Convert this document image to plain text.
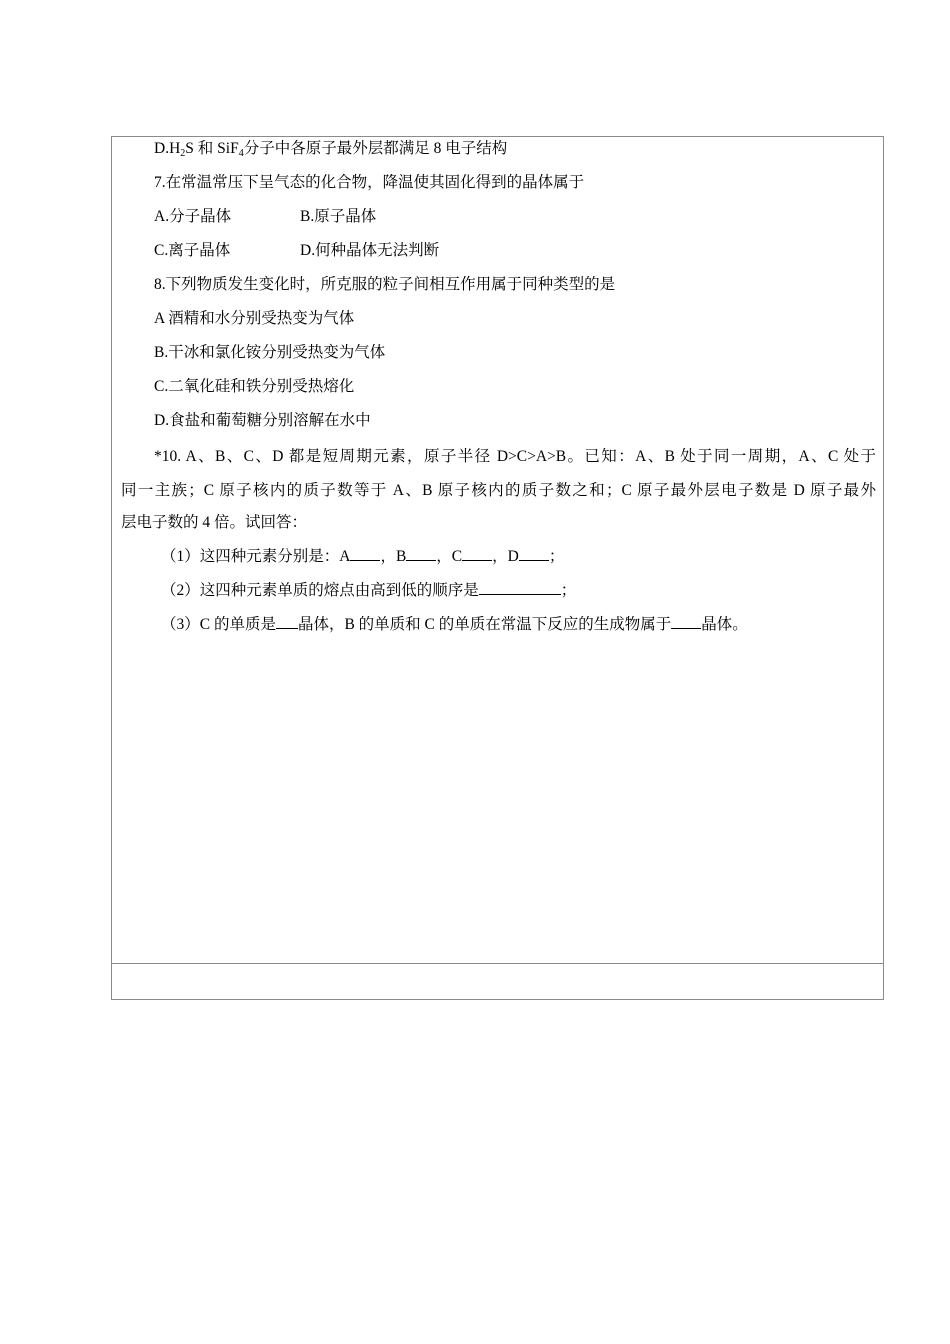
$D.H_2S$ 和 SiF$_4$分子中各原子最外层都满足 8 电子结构
7.在常温常压下呈气态的化合物，降温使其固化得到的晶体属于
A.分子晶体	B.原子晶体
C.离子晶体	D.何种晶体无法判断
8.下列物质发生变化时，所克服的粒子间相互作用属于同种类型的是
A 酒精和水分别受热变为气体
B.干冰和氯化铵分别受热变为气体
C.二氧化硅和铁分别受热熔化
D.食盐和葡萄糖分别溶解在水中
*10. A、B、C、D 都是短周期元素，原子半径 D>C>A>B。已知：A、B 处于同一周期，A、C 处于
同一主族；C 原子核内的质子数等于 A、B 原子核内的质子数之和；C 原子最外层电子数是 D 原子最外
层电子数的 4 倍。试回答：
（1）这四种元素分别是：A ，B ，C ，D ；
（2）这四种元素单质的熔点由高到低的顺序是	；
（3）C 的单质是 晶体，B 的单质和 C 的单质在常温下反应的生成物属于 晶体。
